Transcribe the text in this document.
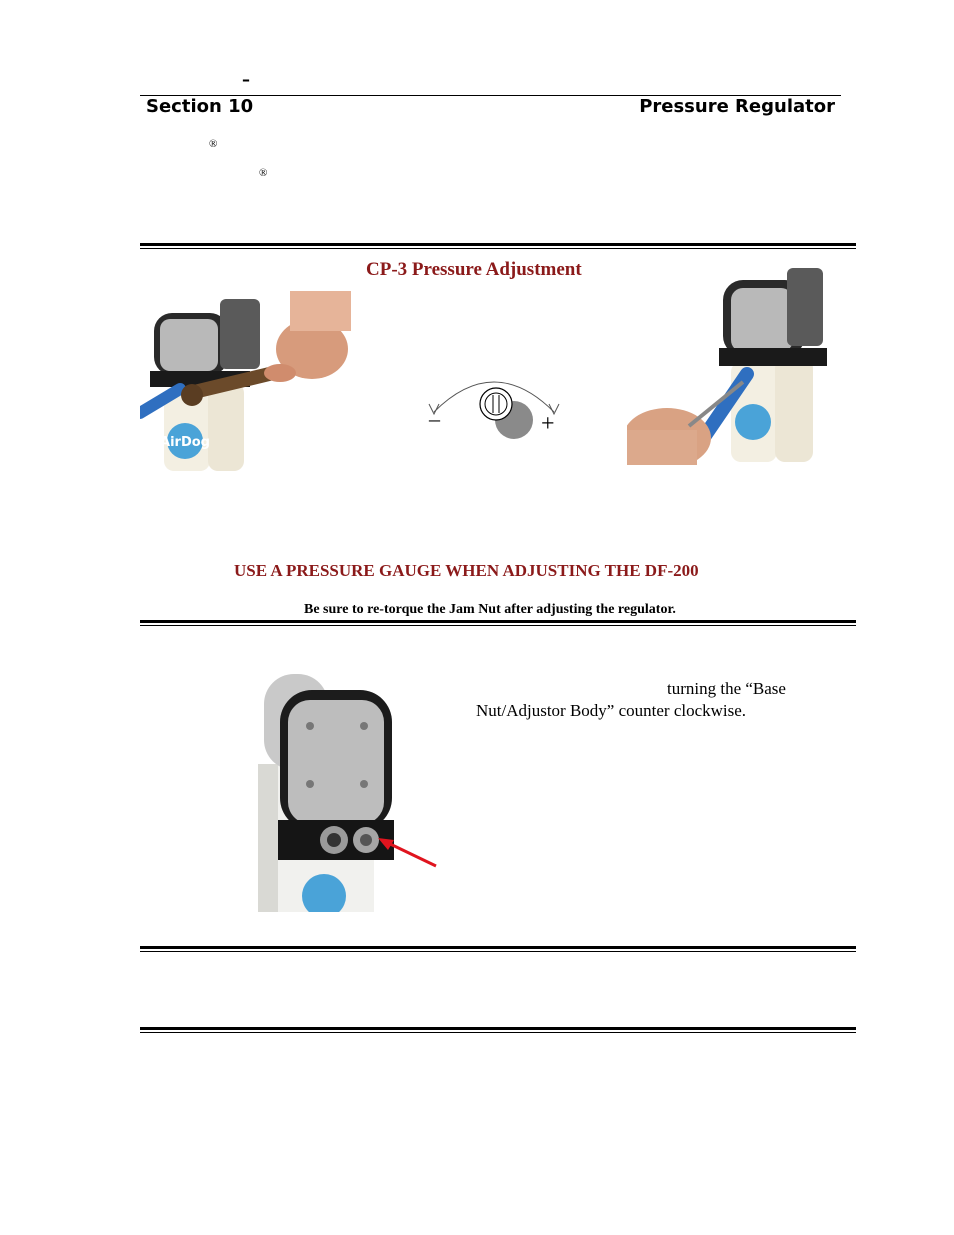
–
Section 10	Pressure Regulator
®
®
CP-3 Pressure Adjustment
AirDog
–	+
USE A PRESSURE GAUGE WHEN ADJUSTING THE DF-200
Be sure to re-torque the Jam Nut after adjusting the regulator.
turning the “Base
Nut/Adjustor Body” counter clockwise.
